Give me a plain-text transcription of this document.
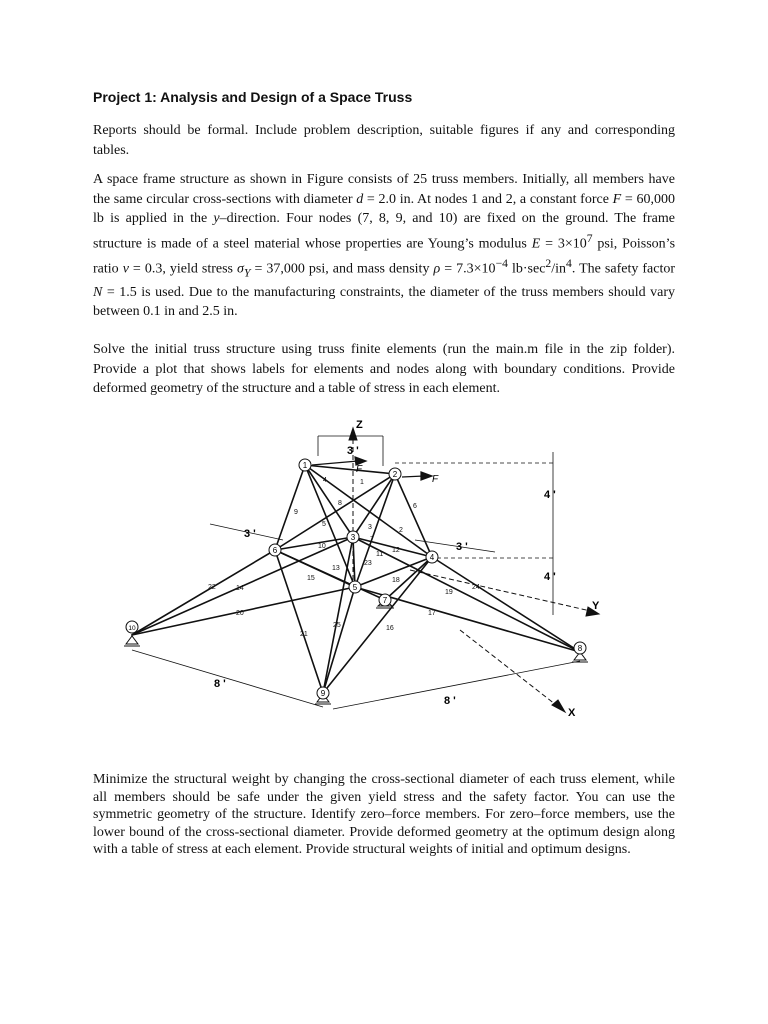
Project 1: Analysis and Design of a Space Truss

Reports should be formal. Include problem description, suitable figures if any and corresponding tables.

A space frame structure as shown in Figure consists of 25 truss members. Initially, all members have the same circular cross-sections with diameter d = 2.0 in. At nodes 1 and 2, a constant force F = 60,000 lb is applied in the y–direction. Four nodes (7, 8, 9, and 10) are fixed on the ground. The frame structure is made of a steel material whose properties are Young’s modulus $E = 3\times 10^7$ psi, Poisson’s ratio ν = 0.3, yield stress $\sigma_Y = 37,000$ psi, and mass density $\rho = 7.3\times 10^{-4}$ $lb\cdot\sec^2/in^4$. The safety factor N = 1.5 is used. Due to the manufacturing constraints, the diameter of the truss members should vary between 0.1 in and 2.5 in.

Solve the initial truss structure using truss finite elements (run the main.m file in the zip folder). Provide a plot that shows labels for elements and nodes along with boundary conditions. Provide deformed geometry of the structure and a table of stress in each element.

Z
Y
X
3 '
3 '
3 '
4 '
4 '
8 '
8 '
F
F
1
2
3
4
5
6
7
8
9
10
1
2
3
4
5
6
7
8
9
10
11
12
13
14
15
16
17
18
19
20
21
22
23
24
25

Minimize the structural weight by changing the cross-sectional diameter of each truss element, while all members should be safe under the given yield stress and the safety factor. You can use the symmetric geometry of the structure. Identify zero–force members. For zero–force members, use the lower bound of the cross-sectional diameter. Provide deformed geometry at the optimum design along with a table of stress at each element. Provide structural weights of initial and optimum designs.
